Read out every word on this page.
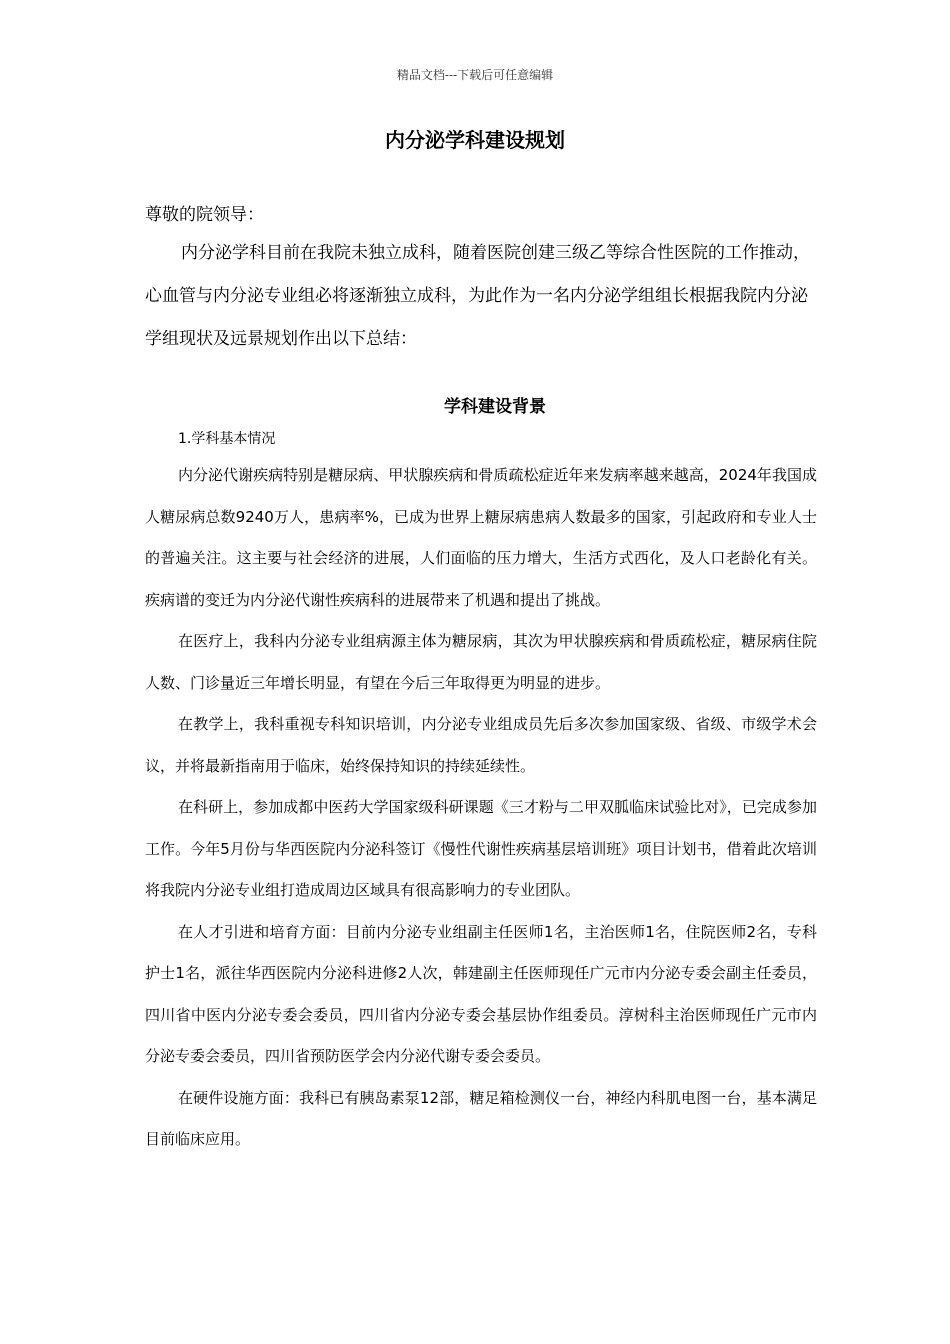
精品文档---下载后可任意编辑
内分泌学科建设规划
尊敬的院领导：

内分泌学科目前在我院未独立成科，随着医院创建三级乙等综合性医院的工作推动，心血管与内分泌专业组必将逐渐独立成科，为此作为一名内分泌学组组长根据我院内分泌学组现状及远景规划作出以下总结：

学科建设背景
1.学科基本情况

内分泌代谢疾病特别是糖尿病、甲状腺疾病和骨质疏松症近年来发病率越来越高，2024年我国成人糖尿病总数9240万人，患病率%，已成为世界上糖尿病患病人数最多的国家，引起政府和专业人士的普遍关注。这主要与社会经济的进展，人们面临的压力增大，生活方式西化，及人口老龄化有关。疾病谱的变迁为内分泌代谢性疾病科的进展带来了机遇和提出了挑战。

在医疗上，我科内分泌专业组病源主体为糖尿病，其次为甲状腺疾病和骨质疏松症，糖尿病住院人数、门诊量近三年增长明显，有望在今后三年取得更为明显的进步。

在教学上，我科重视专科知识培训，内分泌专业组成员先后多次参加国家级、省级、市级学术会议，并将最新指南用于临床，始终保持知识的持续延续性。

在科研上，参加成都中医药大学国家级科研课题《三才粉与二甲双胍临床试验比对》，已完成参加工作。今年5月份与华西医院内分泌科签订《慢性代谢性疾病基层培训班》项目计划书，借着此次培训将我院内分泌专业组打造成周边区域具有很高影响力的专业团队。

在人才引进和培育方面：目前内分泌专业组副主任医师1名，主治医师1名，住院医师2名，专科护士1名，派往华西医院内分泌科进修2人次，韩建副主任医师现任广元市内分泌专委会副主任委员，四川省中医内分泌专委会委员，四川省内分泌专委会基层协作组委员。淳树科主治医师现任广元市内分泌专委会委员，四川省预防医学会内分泌代谢专委会委员。

在硬件设施方面：我科已有胰岛素泵12部，糖足箱检测仪一台，神经内科肌电图一台，基本满足目前临床应用。
